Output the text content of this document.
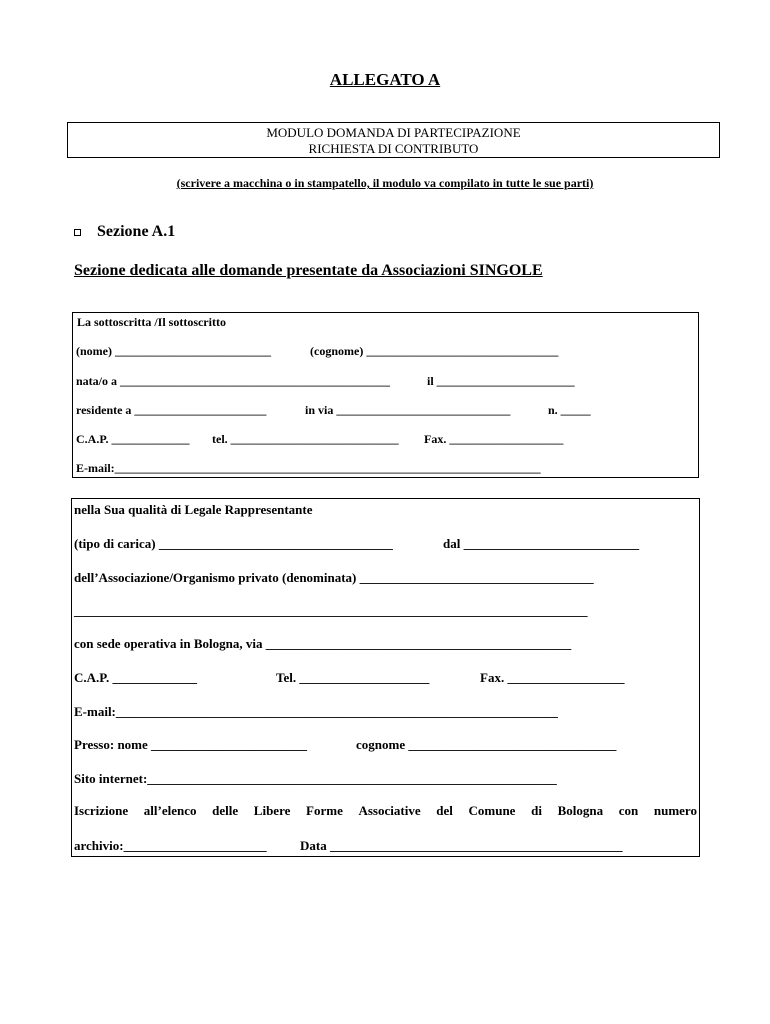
ALLEGATO A
MODULO DOMANDA DI PARTECIPAZIONE
RICHIESTA DI CONTRIBUTO
(scrivere a macchina o in stampatello, il modulo va compilato in tutte le sue parti)
Sezione A.1
Sezione dedicata alle domande presentate da Associazioni SINGOLE
La sottoscritta /Il sottoscritto
(nome) __________________________	(cognome) ________________________________
nata/o a _____________________________________________	il _______________________
residente a ______________________	in via _____________________________	n. _____
C.A.P. _____________ tel. ____________________________ Fax. ___________________
E-mail:_______________________________________________________________________
nella Sua qualità di Legale Rappresentante
(tipo di carica) ____________________________________	dal ___________________________
dell’Associazione/Organismo privato (denominata) ____________________________________
_______________________________________________________________________________
con sede operativa in Bologna, via _______________________________________________
C.A.P. _____________	Tel. ____________________	Fax. __________________
E-mail:____________________________________________________________________
Presso: nome ________________________	cognome ________________________________
Sito internet:_______________________________________________________________
Iscrizione all’elenco delle Libere Forme Associative del Comune di Bologna con numero
archivio:______________________	Data _____________________________________________
